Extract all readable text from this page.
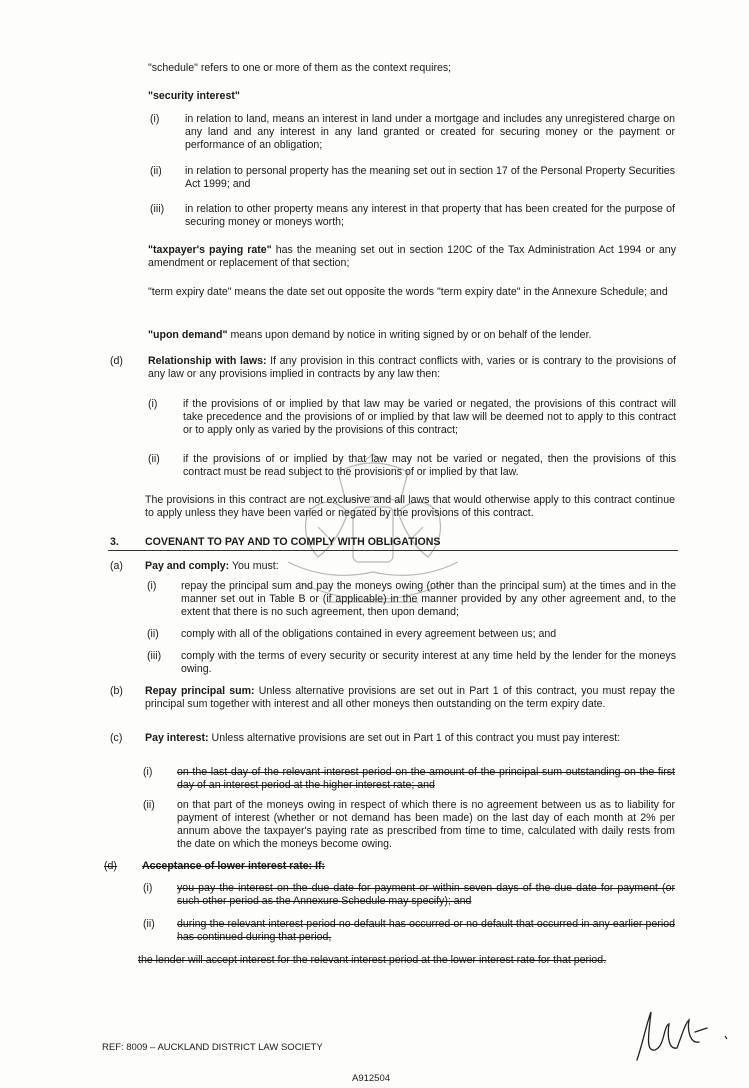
"schedule" refers to one or more of them as the context requires;
"security interest"
(i) in relation to land, means an interest in land under a mortgage and includes any unregistered charge on any land and any interest in any land granted or created for securing money or the payment or performance of an obligation;
(ii) in relation to personal property has the meaning set out in section 17 of the Personal Property Securities Act 1999; and
(iii) in relation to other property means any interest in that property that has been created for the purpose of securing money or moneys worth;
"taxpayer's paying rate" has the meaning set out in section 120C of the Tax Administration Act 1994 or any amendment or replacement of that section;
"term expiry date" means the date set out opposite the words "term expiry date" in the Annexure Schedule; and
"upon demand" means upon demand by notice in writing signed by or on behalf of the lender.
(d) Relationship with laws: If any provision in this contract conflicts with, varies or is contrary to the provisions of any law or any provisions implied in contracts by any law then:
(i) if the provisions of or implied by that law may be varied or negated, the provisions of this contract will take precedence and the provisions of or implied by that law will be deemed not to apply to this contract or to apply only as varied by the provisions of this contract;
(ii) if the provisions of or implied by that law may not be varied or negated, then the provisions of this contract must be read subject to the provisions of or implied by that law.
The provisions in this contract are not exclusive and all laws that would otherwise apply to this contract continue to apply unless they have been varied or negated by the provisions of this contract.
3. COVENANT TO PAY AND TO COMPLY WITH OBLIGATIONS
(a) Pay and comply: You must:
(i) repay the principal sum and pay the moneys owing (other than the principal sum) at the times and in the manner set out in Table B or (if applicable) in the manner provided by any other agreement and, to the extent that there is no such agreement, then upon demand;
(ii) comply with all of the obligations contained in every agreement between us; and
(iii) comply with the terms of every security or security interest at any time held by the lender for the moneys owing.
(b) Repay principal sum: Unless alternative provisions are set out in Part 1 of this contract, you must repay the principal sum together with interest and all other moneys then outstanding on the term expiry date.
(c) Pay interest: Unless alternative provisions are set out in Part 1 of this contract you must pay interest:
(i) on the last day of the relevant interest period on the amount of the principal sum outstanding on the first day of an interest period at the higher interest rate; and
(ii) on that part of the moneys owing in respect of which there is no agreement between us as to liability for payment of interest (whether or not demand has been made) on the last day of each month at 2% per annum above the taxpayer's paying rate as prescribed from time to time, calculated with daily rests from the date on which the moneys become owing.
(d) Acceptance of lower interest rate: If:
(i) you pay the interest on the due date for payment or within seven days of the due date for payment (or such other period as the Annexure Schedule may specify); and
(ii) during the relevant interest period no default has occurred or no default that occurred in any earlier period has continued during that period,
the lender will accept interest for the relevant interest period at the lower interest rate for that period.
REF: 8009 – AUCKLAND DISTRICT LAW SOCIETY
A912504
